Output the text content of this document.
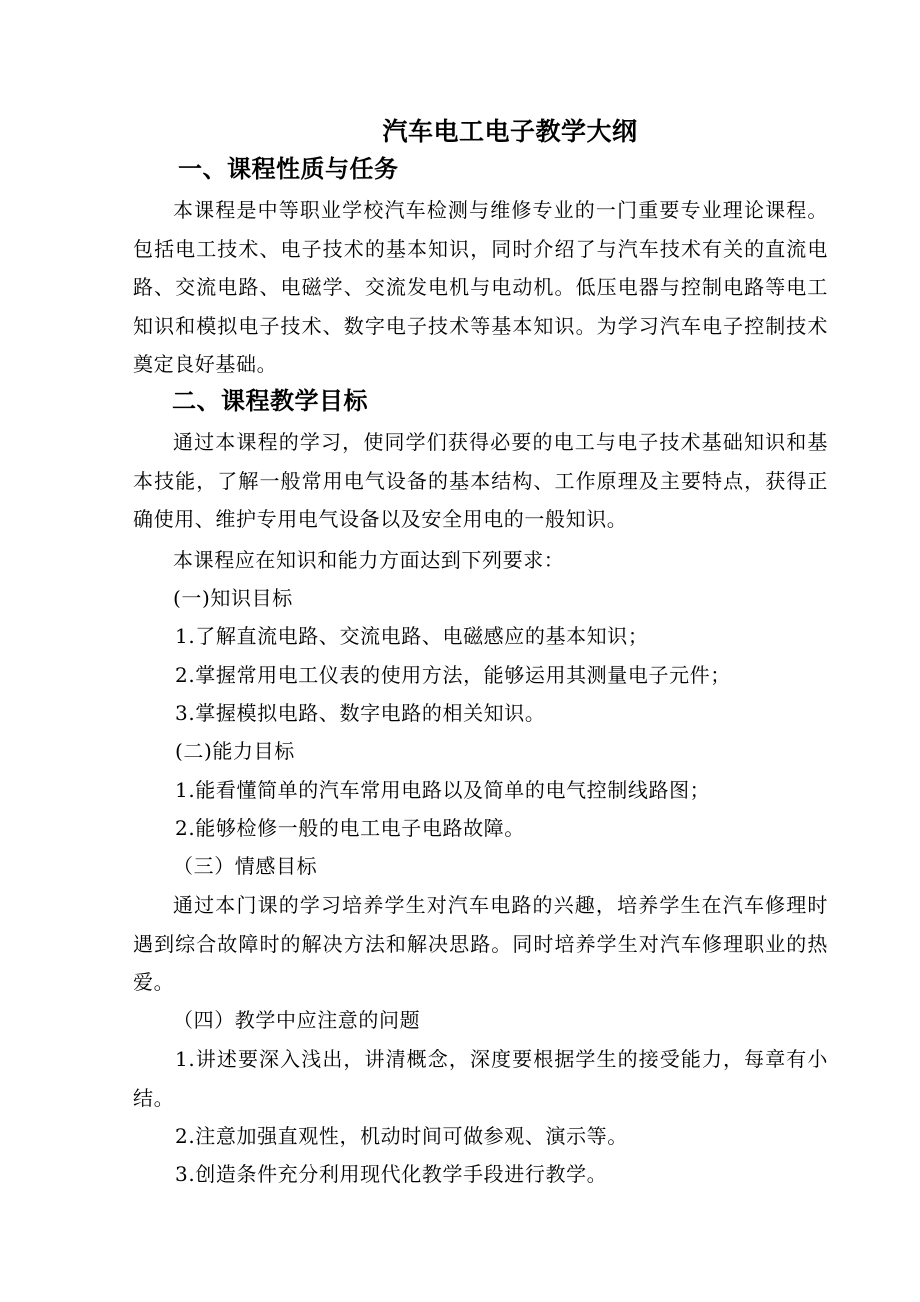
汽车电工电子教学大纲
一、课程性质与任务
本课程是中等职业学校汽车检测与维修专业的一门重要专业理论课程。包括电工技术、电子技术的基本知识，同时介绍了与汽车技术有关的直流电路、交流电路、电磁学、交流发电机与电动机。低压电器与控制电路等电工知识和模拟电子技术、数字电子技术等基本知识。为学习汽车电子控制技术奠定良好基础。
二、课程教学目标
通过本课程的学习，使同学们获得必要的电工与电子技术基础知识和基本技能，了解一般常用电气设备的基本结构、工作原理及主要特点，获得正确使用、维护专用电气设备以及安全用电的一般知识。
本课程应在知识和能力方面达到下列要求：
(一)知识目标
1.了解直流电路、交流电路、电磁感应的基本知识；
2.掌握常用电工仪表的使用方法，能够运用其测量电子元件；
3.掌握模拟电路、数字电路的相关知识。
(二)能力目标
1.能看懂简单的汽车常用电路以及简单的电气控制线路图；
2.能够检修一般的电工电子电路故障。
（三）情感目标
通过本门课的学习培养学生对汽车电路的兴趣，培养学生在汽车修理时遇到综合故障时的解决方法和解决思路。同时培养学生对汽车修理职业的热爱。
（四）教学中应注意的问题
1.讲述要深入浅出，讲清概念，深度要根据学生的接受能力，每章有小结。
2.注意加强直观性，机动时间可做参观、演示等。
3.创造条件充分利用现代化教学手段进行教学。
